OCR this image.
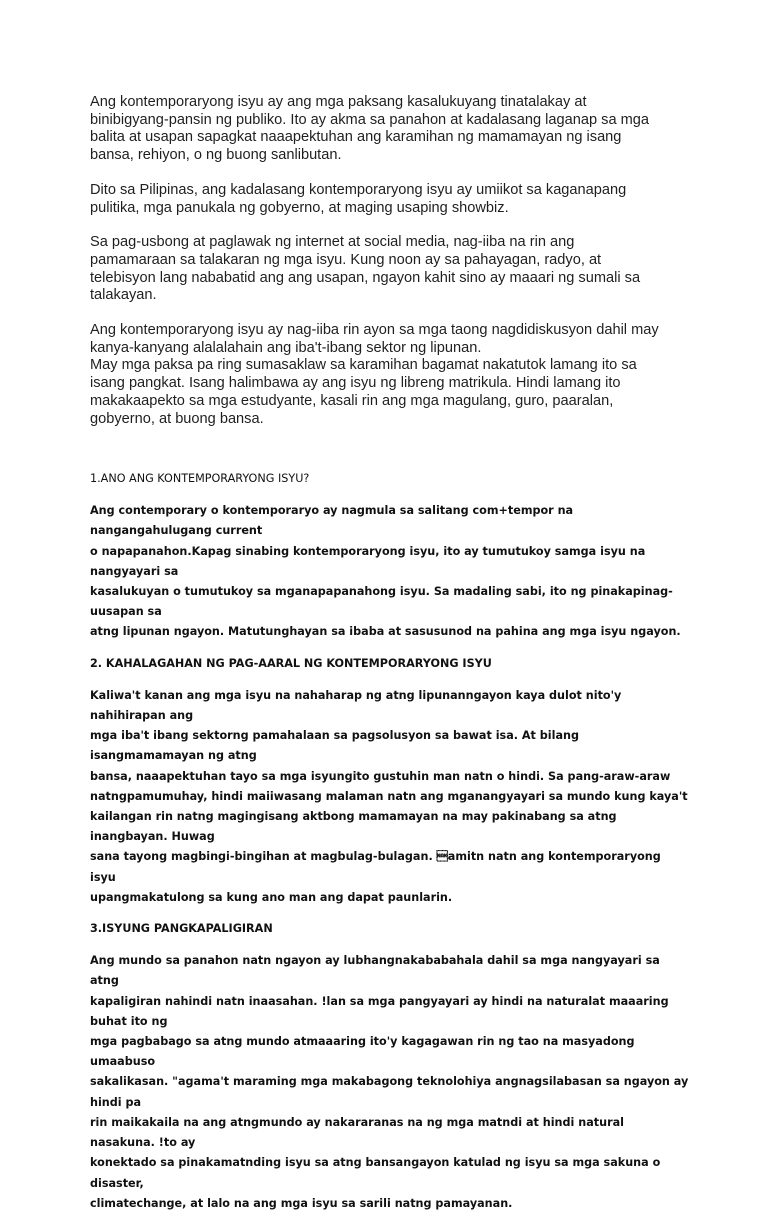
Ang kontemporaryong isyu ay ang mga paksang kasalukuyang tinatalakay at
binibigyang-pansin ng publiko. Ito ay akma sa panahon at kadalasang laganap sa mga
balita at usapan sapagkat naaapektuhan ang karamihan ng mamamayan ng isang
bansa, rehiyon, o ng buong sanlibutan.

Dito sa Pilipinas, ang kadalasang kontemporaryong isyu ay umiikot sa kaganapang
pulitika, mga panukala ng gobyerno, at maging usaping showbiz.

Sa pag-usbong at paglawak ng internet at social media, nag-iiba na rin ang
pamamaraan sa talakaran ng mga isyu. Kung noon ay sa pahayagan, radyo, at
telebisyon lang nababatid ang ang usapan, ngayon kahit sino ay maaari ng sumali sa
talakayan.

Ang kontemporaryong isyu ay nag-iiba rin ayon sa mga taong nagdidiskusyon dahil may
kanya-kanyang alalalahain ang iba't-ibang sektor ng lipunan.
May mga paksa pa ring sumasaklaw sa karamihan bagamat nakatutok lamang ito sa
isang pangkat. Isang halimbawa ay ang isyu ng libreng matrikula. Hindi lamang ito
makakaapekto sa mga estudyante, kasali rin ang mga magulang, guro, paaralan,
gobyerno, at buong bansa.

1.ANO ANG KONTEMPORARYONG ISYU?

Ang contemporary o kontemporaryo ay nagmula sa salitang com+tempor na nangangahulugang current
o napapanahon.Kapag sinabing kontemporaryong isyu, ito ay tumutukoy samga isyu na nangyayari sa
kasalukuyan o tumutukoy sa mganapapanahong isyu. Sa madaling sabi, ito ng pinakapinag-uusapan sa
atng lipunan ngayon. Matutunghayan sa ibaba at sasusunod na pahina ang mga isyu ngayon.

2. KAHALAGAHAN NG PAG-AARAL NG KONTEMPORARYONG ISYU

Kaliwa't kanan ang mga isyu na nahaharap ng atng lipunanngayon kaya dulot nito'y nahihirapan ang
mga iba't ibang sektorng pamahalaan sa pagsolusyon sa bawat isa. At bilang isangmamamayan ng atng
bansa, naaapektuhan tayo sa mga isyungito gustuhin man natn o hindi. Sa pang-araw-araw
natngpamumuhay, hindi maiiwasang malaman natn ang mganangyayari sa mundo kung kaya't
kailangan rin natng magingisang aktbong mamamayan na may pakinabang sa atng inangbayan. Huwag
sana tayong magbingi-bingihan at magbulag-bulagan. amitn natn ang kontemporaryong isyu
upangmakatulong sa kung ano man ang dapat paunlarin.

3.ISYUNG PANGKAPALIGIRAN

Ang mundo sa panahon natn ngayon ay lubhangnakababahala dahil sa mga nangyayari sa atng
kapaligiran nahindi natn inaasahan. !lan sa mga pangyayari ay hindi na naturalat maaaring buhat ito ng
mga pagbabago sa atng mundo atmaaaring ito'y kagagawan rin ng tao na masyadong umaabuso
sakalikasan. "agama't maraming mga makabagong teknolohiya angnagsilabasan sa ngayon ay hindi pa
rin maikakaila na ang atngmundo ay nakararanas na ng mga matndi at hindi natural nasakuna. !to ay
konektado sa pinakamatnding isyu sa atng bansangayon katulad ng isyu sa mga sakuna o disaster,
climatechange, at lalo na ang mga isyu sa sarili natng pamayanan.
